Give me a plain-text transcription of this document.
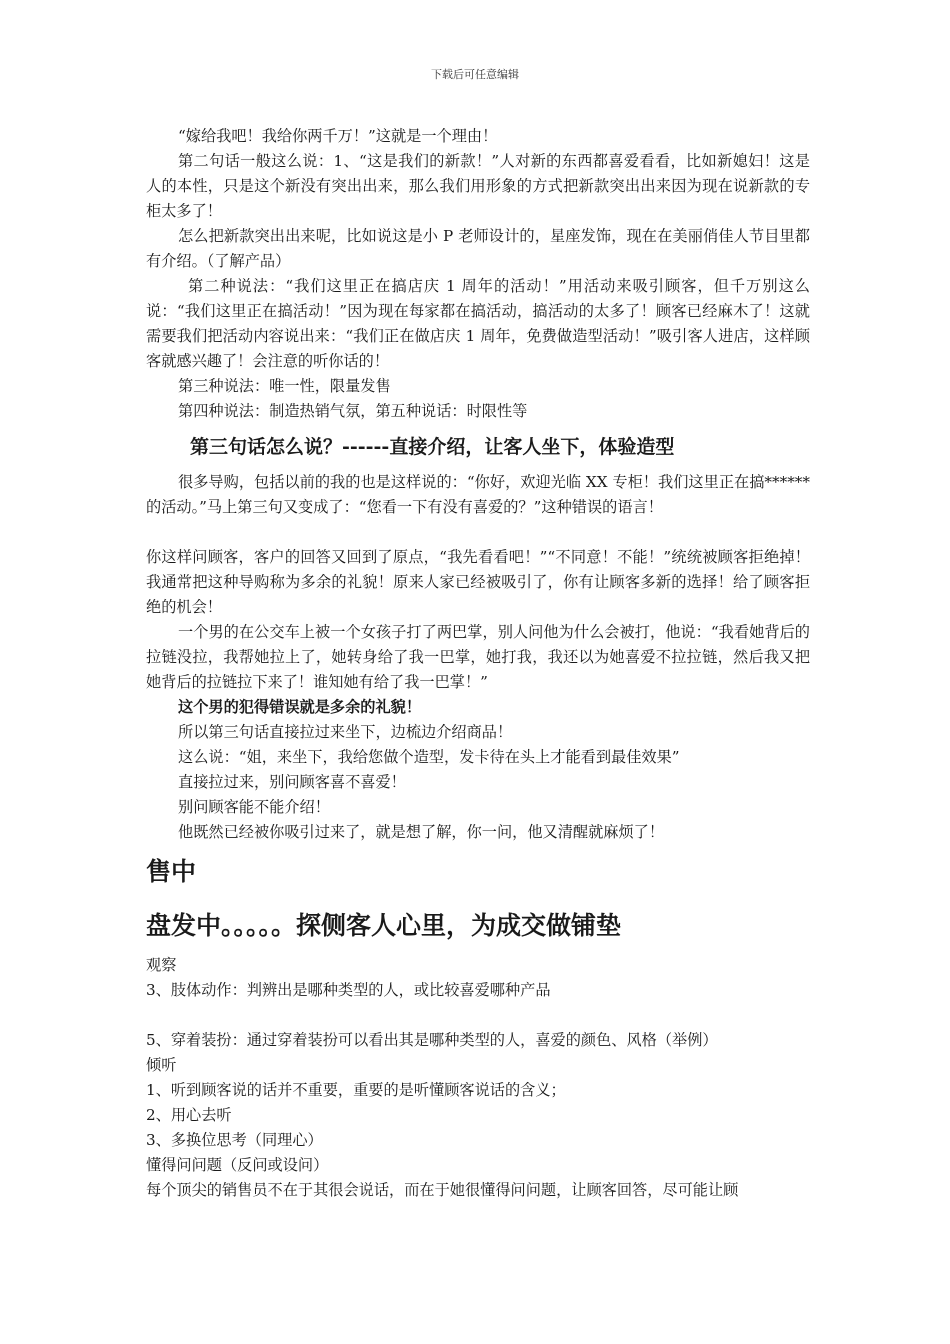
下载后可任意编辑

“嫁给我吧！我给你两千万！”这就是一个理由！

第二句话一般这么说：1、“这是我们的新款！”人对新的东西都喜爱看看，比如新媳妇！这是人的本性，只是这个新没有突出出来，那么我们用形象的方式把新款突出出来因为现在说新款的专柜太多了！

怎么把新款突出出来呢，比如说这是小 P 老师设计的，星座发饰，现在在美丽俏佳人节目里都有介绍。（了解产品）

第二种说法：“我们这里正在搞店庆 1 周年的活动！”用活动来吸引顾客，但千万别这么说：“我们这里正在搞活动！”因为现在每家都在搞活动，搞活动的太多了！顾客已经麻木了！这就需要我们把活动内容说出来：“我们正在做店庆 1 周年，免费做造型活动！”吸引客人进店，这样顾客就感兴趣了！会注意的听你话的！

第三种说法：唯一性，限量发售

第四种说法：制造热销气氛，第五种说话：时限性等

第三句话怎么说？------直接介绍，让客人坐下，体验造型

很多导购，包括以前的我的也是这样说的：“你好，欢迎光临 XX 专柜！我们这里正在搞******的活动。”马上第三句又变成了：“您看一下有没有喜爱的？”这种错误的语言！

你这样问顾客，客户的回答又回到了原点，“我先看看吧！”“不同意！不能！”统统被顾客拒绝掉！我通常把这种导购称为多余的礼貌！原来人家已经被吸引了，你有让顾客多新的选择！给了顾客拒绝的机会！

一个男的在公交车上被一个女孩子打了两巴掌，别人问他为什么会被打，他说：“我看她背后的拉链没拉，我帮她拉上了，她转身给了我一巴掌，她打我，我还以为她喜爱不拉拉链，然后我又把她背后的拉链拉下来了！谁知她有给了我一巴掌！”

这个男的犯得错误就是多余的礼貌！

所以第三句话直接拉过来坐下，边梳边介绍商品！

这么说：“姐，来坐下，我给您做个造型，发卡待在头上才能看到最佳效果”

直接拉过来，别问顾客喜不喜爱！

别问顾客能不能介绍！

他既然已经被你吸引过来了，就是想了解，你一问，他又清醒就麻烦了！

售中
盘发中。。。。。探侧客人心里，为成交做铺垫

观察

3、肢体动作：判辨出是哪种类型的人，或比较喜爱哪种产品

5、穿着装扮：通过穿着装扮可以看出其是哪种类型的人，喜爱的颜色、风格（举例）

倾听

1、听到顾客说的话并不重要，重要的是听懂顾客说话的含义；

2、用心去听

3、多换位思考（同理心）

懂得问问题（反问或设问）

每个顶尖的销售员不在于其很会说话，而在于她很懂得问问题，让顾客回答，尽可能让顾
